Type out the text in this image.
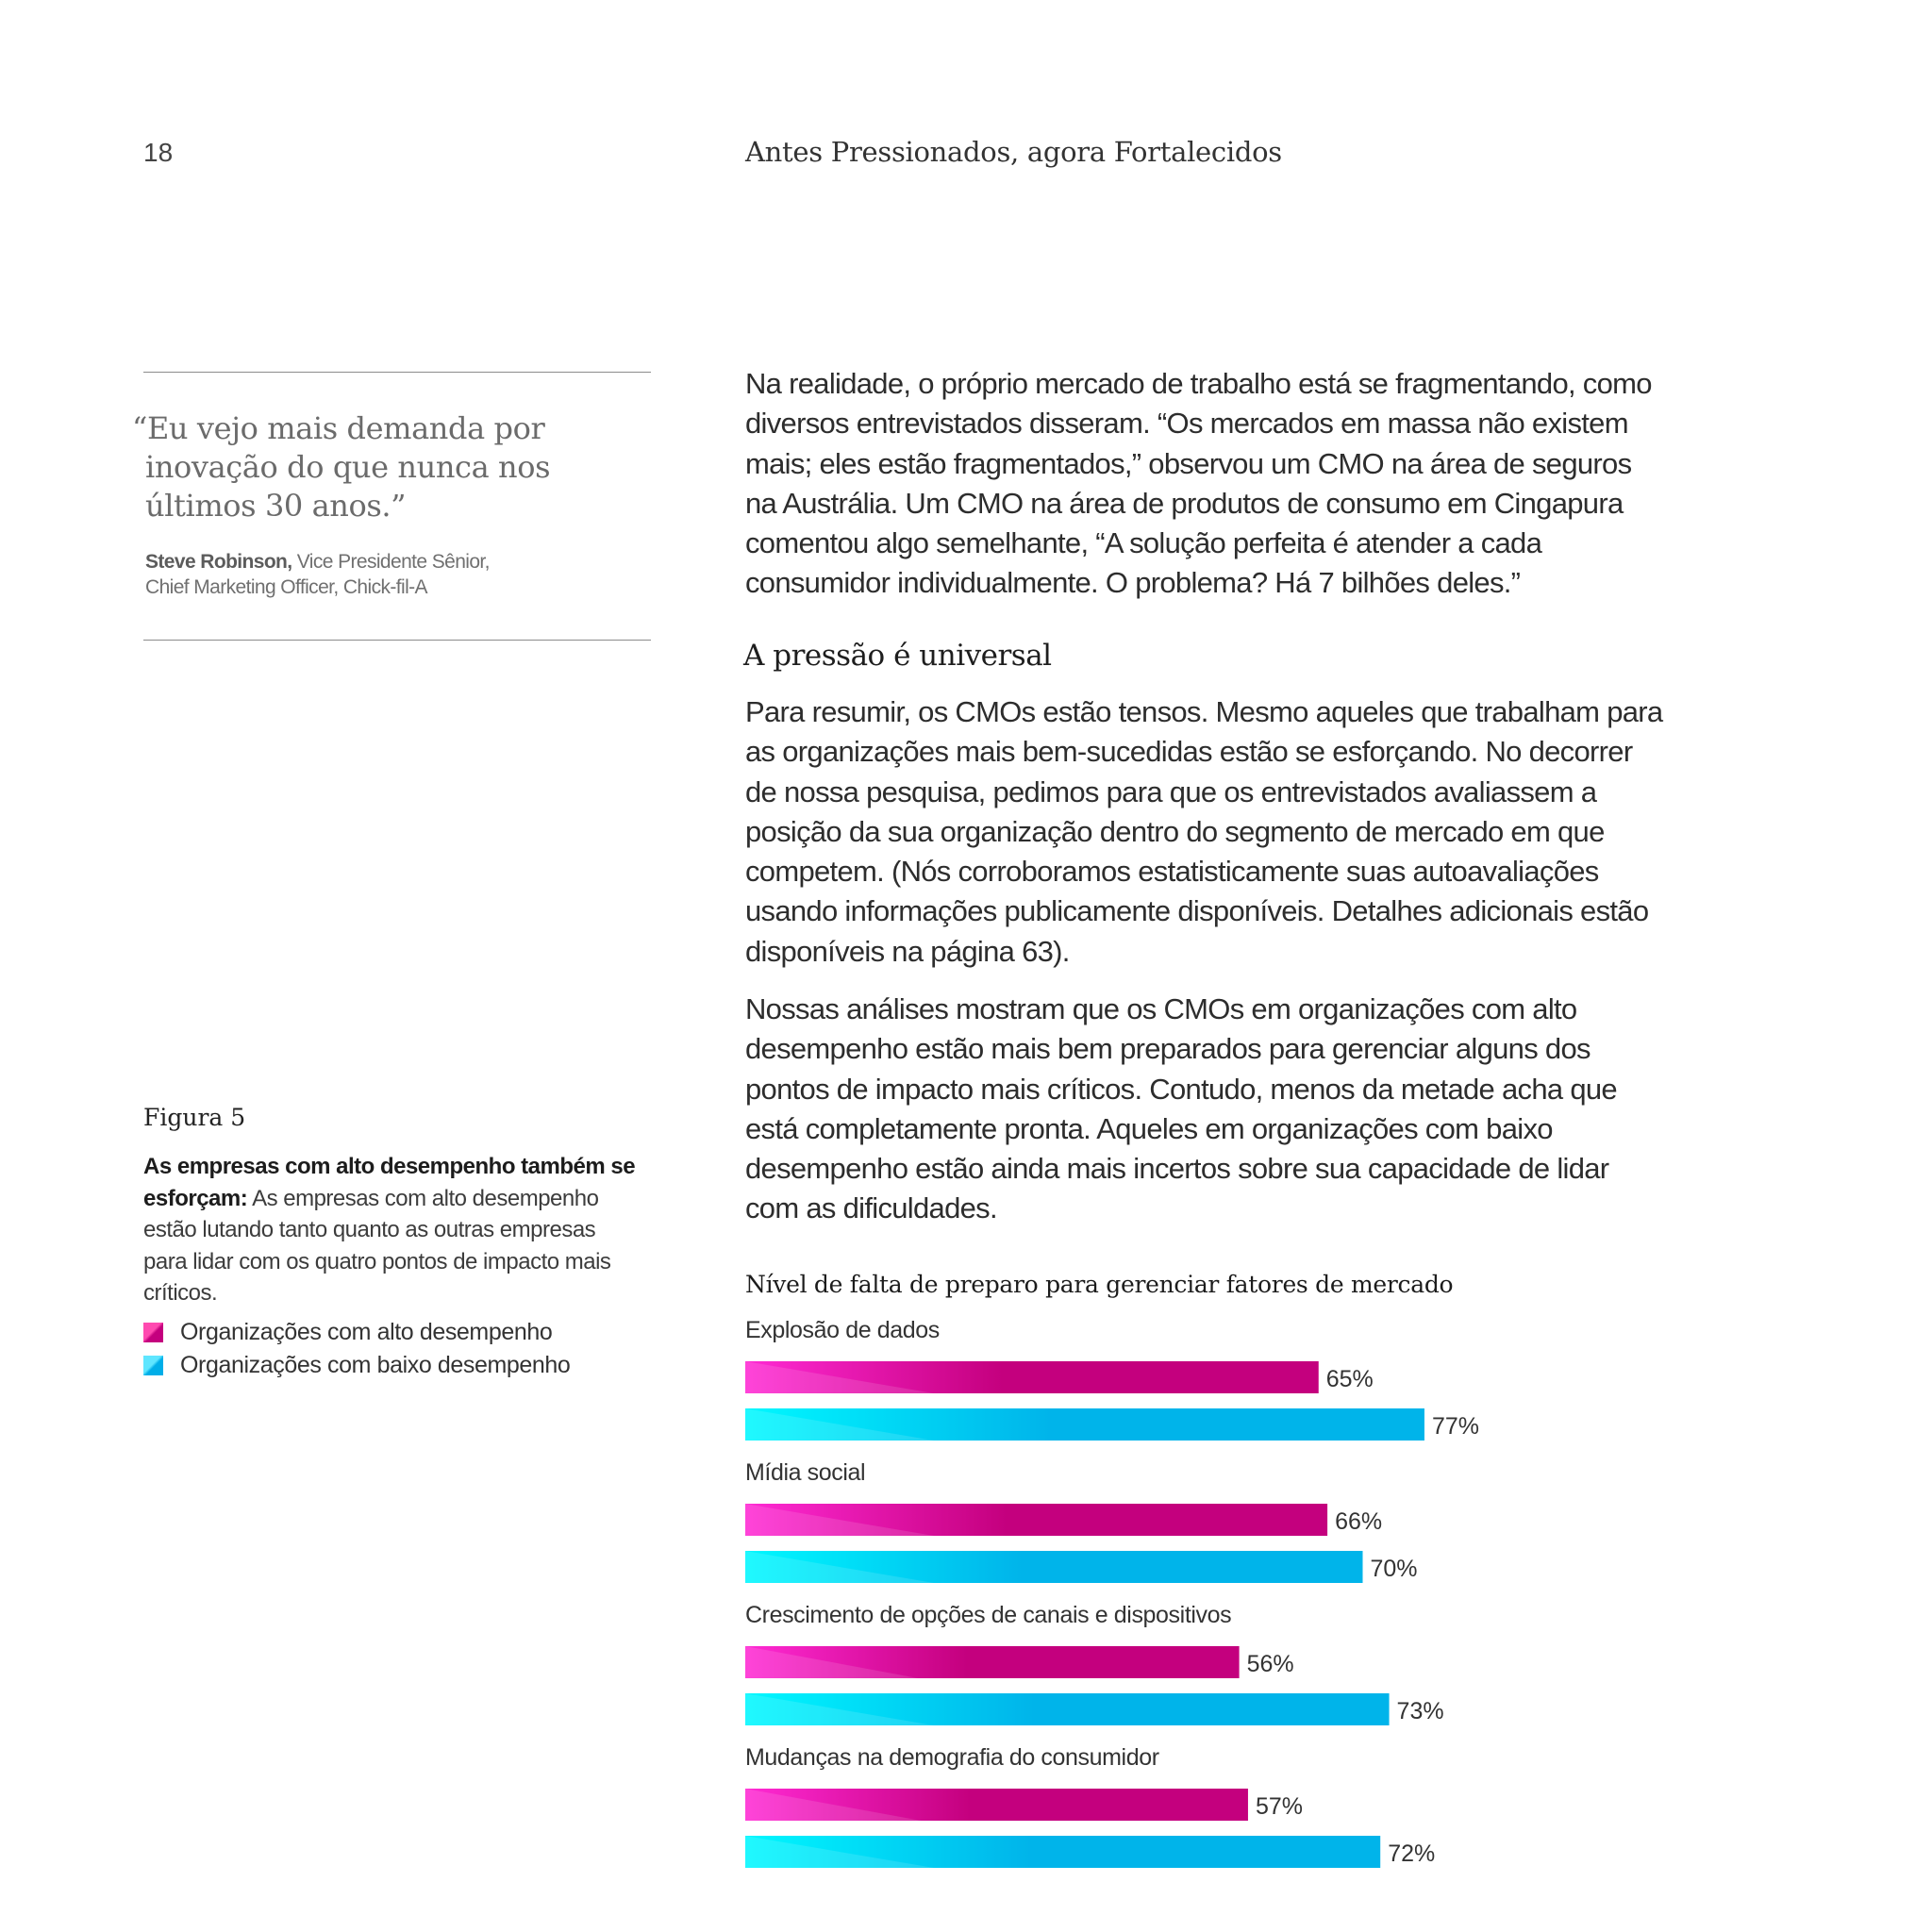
18	Antes Pressionados, agora Fortalecidos
“Eu vejo mais demanda por
inovação do que nunca nos
últimos 30 anos.”
Steve Robinson, Vice Presidente Sênior,
Chief Marketing Officer, Chick-fil-A
Figura 5
As empresas com alto desempenho também se
esforçam: As empresas com alto desempenho
estão lutando tanto quanto as outras empresas
para lidar com os quatro pontos de impacto mais
críticos.
Organizações com alto desempenho
Organizações com baixo desempenho
Na realidade, o próprio mercado de trabalho está se fragmentando, como
diversos entrevistados disseram. “Os mercados em massa não existem
mais; eles estão fragmentados,” observou um CMO na área de seguros
na Austrália. Um CMO na área de produtos de consumo em Cingapura
comentou algo semelhante, “A solução perfeita é atender a cada
consumidor individualmente. O problema? Há 7 bilhões deles.”
A pressão é universal
Para resumir, os CMOs estão tensos. Mesmo aqueles que trabalham para
as organizações mais bem-sucedidas estão se esforçando. No decorrer
de nossa pesquisa, pedimos para que os entrevistados avaliassem a
posição da sua organização dentro do segmento de mercado em que
competem. (Nós corroboramos estatisticamente suas autoavaliações
usando informações publicamente disponíveis. Detalhes adicionais estão
disponíveis na página 63).
Nossas análises mostram que os CMOs em organizações com alto
desempenho estão mais bem preparados para gerenciar alguns dos
pontos de impacto mais críticos. Contudo, menos da metade acha que
está completamente pronta. Aqueles em organizações com baixo
desempenho estão ainda mais incertos sobre sua capacidade de lidar
com as dificuldades.
Nível de falta de preparo para gerenciar fatores de mercado
Explosão de dados
65%
77%
Mídia social
66%
70%
Crescimento de opções de canais e dispositivos
56%
73%
Mudanças na demografia do consumidor
57%
72%
